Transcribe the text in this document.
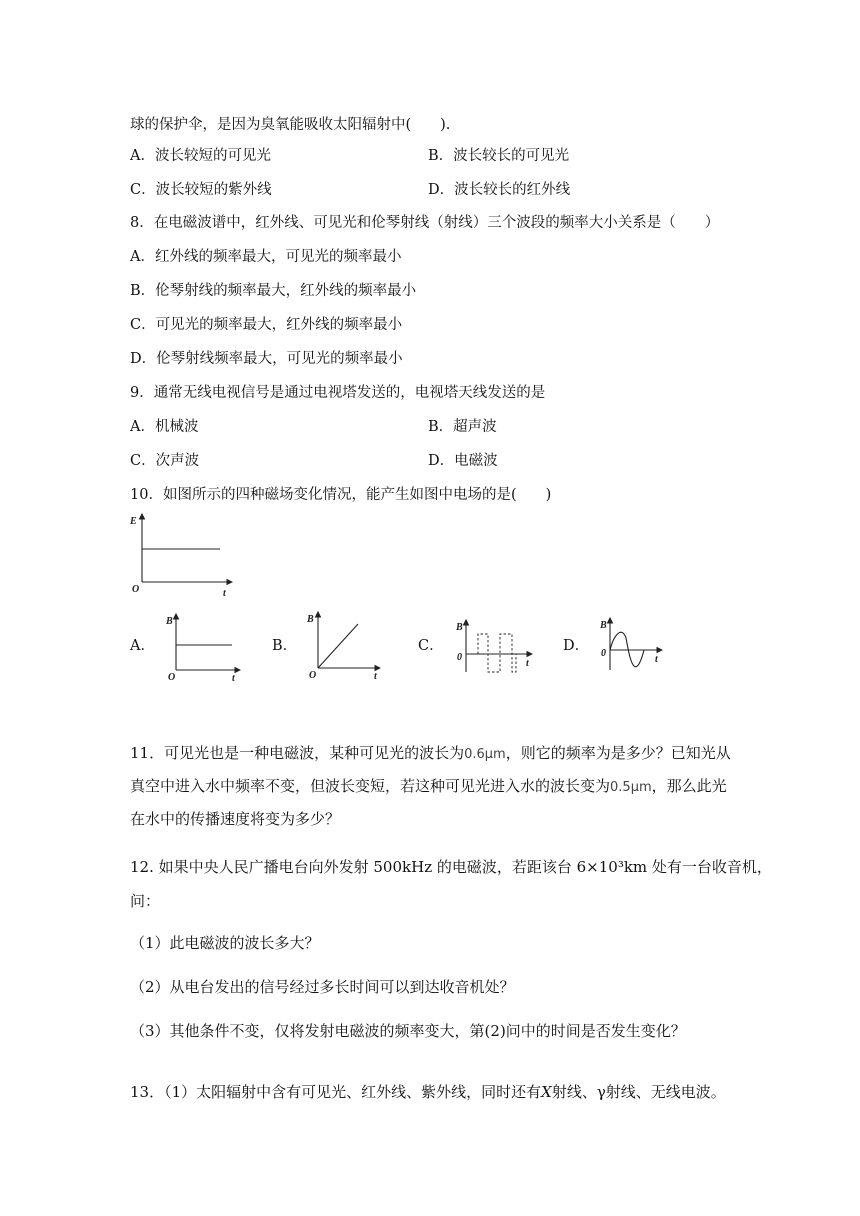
球的保护伞，是因为臭氧能吸收太阳辐射中(　　).
A．波长较短的可见光	B．波长较长的可见光
C．波长较短的紫外线	D．波长较长的红外线
8．在电磁波谱中，红外线、可见光和伦琴射线（射线）三个波段的频率大小关系是（　　）
A．红外线的频率最大，可见光的频率最小
B．伦琴射线的频率最大，红外线的频率最小
C．可见光的频率最大，红外线的频率最小
D．伦琴射线频率最大，可见光的频率最小
9．通常无线电视信号是通过电视塔发送的，电视塔天线发送的是
A．机械波	B．超声波
C．次声波	D．电磁波
10．如图所示的四种磁场变化情况，能产生如图中电场的是(　　)
E
t
O
A．	B．	C．	D．
B
t
O
B
t
O
B
t
0
B
t
0
11．可见光也是一种电磁波，某种可见光的波长为0.6μm，则它的频率为是多少？已知光从
真空中进入水中频率不变，但波长变短，若这种可见光进入水的波长变为0.5μm，那么此光
在水中的传播速度将变为多少？
12. 如果中央人民广播电台向外发射 500kHz 的电磁波，若距该台 6×10³km 处有一台收音机，
问：
（1）此电磁波的波长多大？
（2）从电台发出的信号经过多长时间可以到达收音机处？
（3）其他条件不变，仅将发射电磁波的频率变大，第(2)问中的时间是否发生变化？
13．（1）太阳辐射中含有可见光、红外线、紫外线，同时还有X射线、γ射线、无线电波。
